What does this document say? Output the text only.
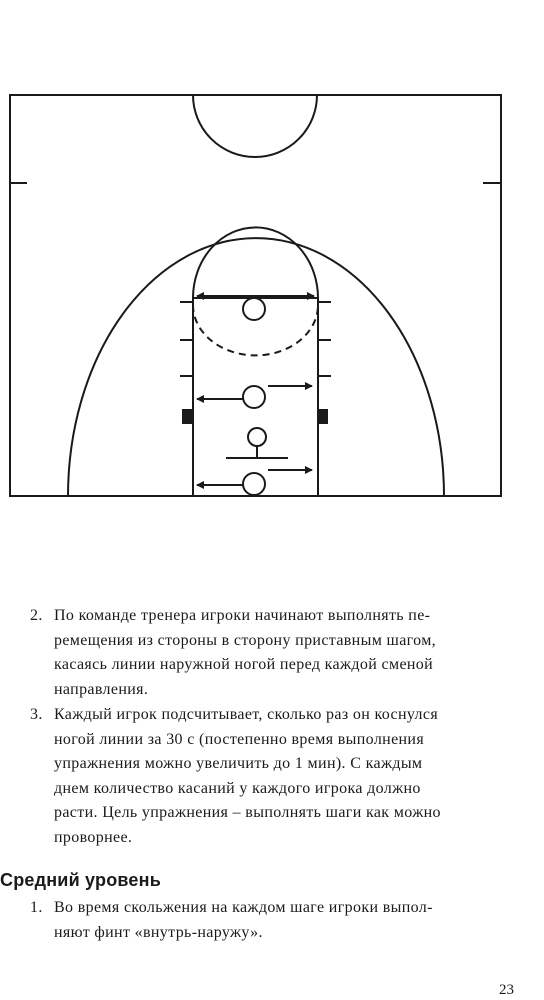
2. По команде тренера игроки начинают выполнять пе-
ремещения из стороны в сторону приставным шагом,
касаясь линии наружной ногой перед каждой сменой
направления.
3. Каждый игрок подсчитывает, сколько раз он коснулся
ногой линии за 30 с (постепенно время выполнения
упражнения можно увеличить до 1 мин). С каждым
днем количество касаний у каждого игрока должно
расти. Цель упражнения – выполнять шаги как можно
проворнее.
Средний уровень
1. Во время скольжения на каждом шаге игроки выпол-
няют финт «внутрь-наружу».
23
